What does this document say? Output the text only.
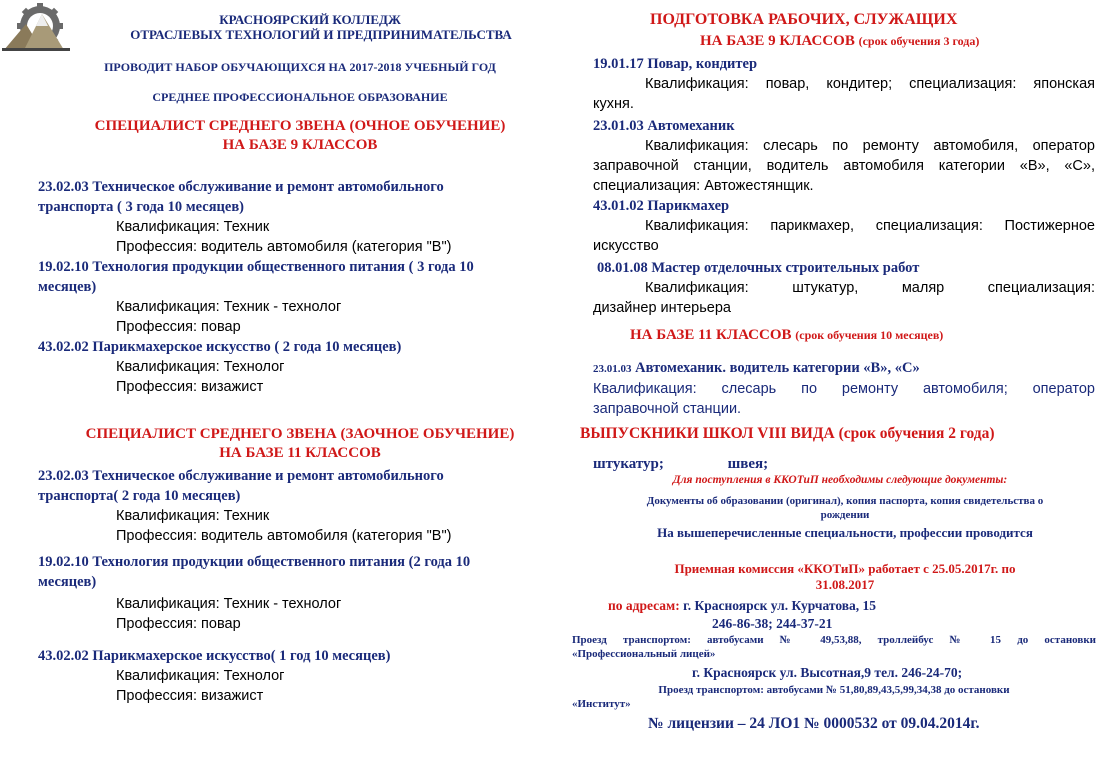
КРАСНОЯРСКИЙ КОЛЛЕДЖ

ОТРАСЛЕВЫХ ТЕХНОЛОГИЙ И ПРЕДПРИНИМАТЕЛЬСТВА

ПРОВОДИТ НАБОР ОБУЧАЮЩИХСЯ НА 2017-2018 УЧЕБНЫЙ ГОД

СРЕДНЕЕ ПРОФЕССИОНАЛЬНОЕ ОБРАЗОВАНИЕ

СПЕЦИАЛИСТ СРЕДНЕГО ЗВЕНА (ОЧНОЕ ОБУЧЕНИЕ)

НА БАЗЕ 9 КЛАССОВ

23.02.03 Техническое обслуживание и ремонт автомобильного

транспорта ( 3 года 10 месяцев)

Квалификация: Техник

Профессия: водитель автомобиля (категория "В")

19.02.10 Технология продукции общественного питания ( 3 года 10

месяцев)

Квалификация: Техник - технолог

Профессия: повар

43.02.02 Парикмахерское искусство ( 2 года 10 месяцев)

Квалификация: Технолог

Профессия: визажист

СПЕЦИАЛИСТ СРЕДНЕГО ЗВЕНА (ЗАОЧНОЕ ОБУЧЕНИЕ)

НА БАЗЕ 11 КЛАССОВ

23.02.03 Техническое обслуживание и ремонт автомобильного

транспорта( 2 года 10 месяцев)

Квалификация: Техник

Профессия: водитель автомобиля (категория "В")

19.02.10 Технология продукции общественного питания (2 года 10

месяцев)

Квалификация: Техник - технолог

Профессия: повар

43.02.02 Парикмахерское искусство( 1 год 10 месяцев)

Квалификация: Технолог

Профессия: визажист

ПОДГОТОВКА РАБОЧИХ, СЛУЖАЩИХ

НА БАЗЕ 9 КЛАССОВ (срок обучения 3 года)

19.01.17 Повар, кондитер

Квалификация: повар, кондитер; специализация: японская

кухня.

23.01.03 Автомеханик

Квалификация: слесарь по ремонту автомобиля, оператор

заправочной станции, водитель автомобиля категории «В», «С»,

специализация: Автожестянщик.

43.01.02 Парикмахер

Квалификация: парикмахер, специализация: Постижерное

искусство

08.01.08 Мастер отделочных строительных работ

Квалификация: штукатур, маляр специализация:

дизайнер интерьера

НА БАЗЕ 11 КЛАССОВ (срок обучения 10 месяцев)

23.01.03 Автомеханик. водитель категории «В», «С»

Квалификация: слесарь по ремонту автомобиля; оператор

заправочной станции.

ВЫПУСКНИКИ ШКОЛ VIII ВИДА (срок обучения 2 года)

штукатур;	швея;

Для поступления в ККОТиП необходимы следующие документы:

Документы об образовании (оригинал), копия паспорта, копия свидетельства о

рождении

На вышеперечисленные специальности, профессии проводится

Приемная комиссия «ККОТиП» работает с 25.05.2017г. по

31.08.2017

по адресам: г. Красноярск ул. Курчатова, 15

246-86-38; 244-37-21

Проезд транспортом: автобусами № 49,53,88, троллейбус № 15 до остановки

«Профессиональный лицей»

г. Красноярск ул. Высотная,9 тел. 246-24-70;

Проезд транспортом: автобусами № 51,80,89,43,5,99,34,38 до остановки

«Институт»

№ лицензии – 24 ЛО1 № 0000532 от 09.04.2014г.
